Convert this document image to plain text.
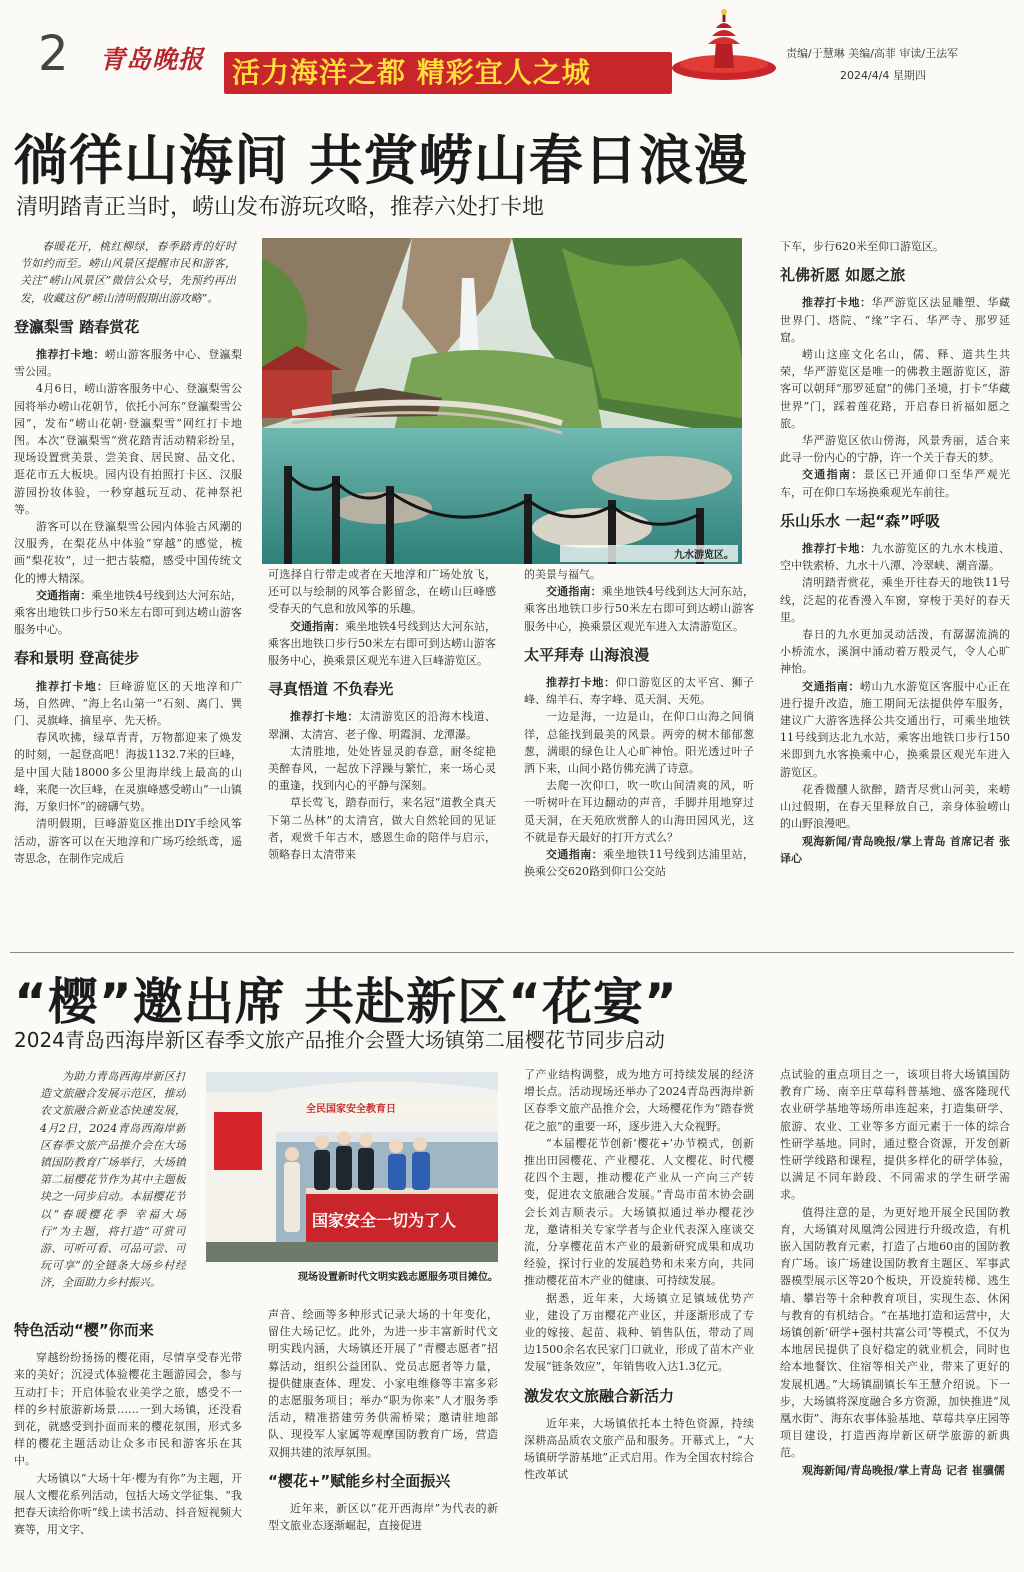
2 青岛晚报 活力海洋之都 精彩宜人之城
责编/于慧琳 美编/高菲 审读/王法军
2024/4/4 星期四
徜徉山海间 共赏崂山春日浪漫
清明踏青正当时，崂山发布游玩攻略，推荐六处打卡地

春暖花开，桃红柳绿，春季踏青的好时节如约而至。崂山风景区提醒市民和游客，关注“崂山风景区”微信公众号，先预约再出发，收藏这份“崂山清明假期出游攻略”。

登瀛梨雪 踏春赏花

推荐打卡地：崂山游客服务中心、登瀛梨雪公园。

4月6日，崂山游客服务中心、登瀛梨雪公园将举办崂山花朝节，依托小河东“登瀛梨雪公园”，发布“崂山花朝·登瀛梨雪”网红打卡地图。本次“登瀛梨雪”赏花踏青活动精彩纷呈，现场设置赏美景、尝美食、居民窗、品文化、逛花市五大板块。园内设有拍照打卡区、汉服游园扮妆体验，一秒穿越玩互动、花神祭祀等。

游客可以在登瀛梨雪公园内体验古风潮的汉服秀，在梨花丛中体验“穿越”的感觉，梳画“梨花妆”，过一把古装瘾，感受中国传统文化的博大精深。

交通指南：乘坐地铁4号线到达大河东站，乘客出地铁口步行50米左右即可到达崂山游客服务中心。

春和景明 登高徒步

推荐打卡地：巨峰游览区的天地淳和广场，自然碑、“海上名山第一”石刻、离门、巽门、灵旗峰、摘星亭、先天桥。

春风吹拂，绿草青青，万物都迎来了焕发的时刻，一起登高吧！海拔1132.7米的巨峰，是中国大陆18000多公里海岸线上最高的山峰，来爬一次巨峰，在灵旗峰感受崂山“一山镇海，万象归怀”的磅礴气势。

清明假期，巨峰游览区推出DIY手绘风筝活动，游客可以在天地淳和广场巧绘纸鸢，遥寄思念，在制作完成后

九水游览区。

可选择自行带走或者在天地淳和广场处放飞，还可以与绘制的风筝合影留念，在崂山巨峰感受春天的气息和放风筝的乐趣。

交通指南：乘坐地铁4号线到达大河东站，乘客出地铁口步行50米左右即可到达崂山游客服务中心，换乘景区观光车进入巨峰游览区。

寻真悟道 不负春光

推荐打卡地：太清游览区的沿海木栈道、翠澜、太清宫、老子像、明霞洞、龙潭瀑。

太清胜地，处处皆显灵韵春意，耐冬绽艳美醉春风，一起放下浮躁与繁忙，来一场心灵的重逢，找到内心的平静与深刻。

草长莺飞，踏春而行，来名冠“道教全真天下第二丛林”的太清宫，做大自然轮回的见证者，观赏千年古木，感恩生命的陪伴与启示，领略春日太清带来

的美景与福气。

交通指南：乘坐地铁4号线到达大河东站，乘客出地铁口步行50米左右即可到达崂山游客服务中心，换乘景区观光车进入太清游览区。

太平拜寿 山海浪漫

推荐打卡地：仰口游览区的太平宫、狮子峰、绵羊石、寿字峰、觅天洞、天苑。

一边是海，一边是山，在仰口山海之间徜徉，总能找到最美的风景。两旁的树木郁郁葱葱，满眼的绿色让人心旷神怡。阳光透过叶子洒下来，山间小路仿佛充满了诗意。

去爬一次仰口，吹一吹山间清爽的风，听一听树叶在耳边翻动的声音，手脚并用地穿过觅天洞，在天苑欣赏醉人的山海田园风光，这不就是春天最好的打开方式么？

交通指南：乘坐地铁11号线到达浦里站，换乘公交620路到仰口公交站

下车，步行620米至仰口游览区。

礼佛祈愿 如愿之旅

推荐打卡地：华严游览区法显雕塑、华藏世界门、塔院、“缘”字石、华严寺、那罗延窟。

崂山这座文化名山，儒、释、道共生共荣，华严游览区是唯一的佛教主题游览区，游客可以朝拜“那罗延窟”的佛门圣境，打卡“华藏世界”门，踩着莲花路，开启春日祈福如愿之旅。

华严游览区依山傍海，风景秀丽，适合来此寻一份内心的宁静，许一个关于春天的梦。

交通指南：景区已开通仰口至华严观光车，可在仰口车场换乘观光车前往。

乐山乐水 一起“森”呼吸

推荐打卡地：九水游览区的九水木栈道、空中铁索桥、九水十八潭、冷翠峡、潮音瀑。

清明踏青赏花，乘坐开往春天的地铁11号线，泛起的花香漫入车窗，穿梭于美好的春天里。

春日的九水更加灵动活泼，有潺潺流淌的小桥流水，溪涧中涌动着万般灵气，令人心旷神怡。

交通指南：崂山九水游览区客服中心正在进行提升改造，施工期间无法提供停车服务，建议广大游客选择公共交通出行，可乘坐地铁11号线到达北九水站，乘客出地铁口步行150米即到九水客换乘中心，换乘景区观光车进入游览区。

花香微醺人欲醉，踏青尽赏山河美，来崂山过假期，在春天里释放自己，亲身体验崂山的山野浪漫吧。

观海新闻/青岛晚报/掌上青岛 首席记者 张译心

“樱”邀出席 共赴新区“花宴”
2024青岛西海岸新区春季文旅产品推介会暨大场镇第二届樱花节同步启动

为助力青岛西海岸新区打造文旅融合发展示范区，推动农文旅融合新业态快速发展，4月2日，2024青岛西海岸新区春季文旅产品推介会在大场镇国防教育广场举行，大场镇第二届樱花节作为其中主题板块之一同步启动。本届樱花节以“春暖樱花季 幸福大场行”为主题，将打造“可赏可游、可听可看、可品可尝、可玩可享”的全链条大场乡村经济，全面助力乡村振兴。

全民国家安全教育日
国家安全一切为了人
现场设置新时代文明实践志愿服务项目摊位。
特色活动“樱”你而来

穿越纷纷扬扬的樱花雨，尽情享受春光带来的美好；沉浸式体验樱花主题游园会，参与互动打卡；开启体验农业美学之旅，感受不一样的乡村旅游新场景……一到大场镇，还没看到花，就感受到扑面而来的樱花氛围，形式多样的樱花主题活动让众多市民和游客乐在其中。

大场镇以“大场十年·樱为有你”为主题，开展人文樱花系列活动，包括大场文学征集、“我把春天读给你听”线上读书活动、抖音短视频大赛等，用文字、

声音、绘画等多种形式记录大场的十年变化，留住大场记忆。此外，为进一步丰富新时代文明实践内涵，大场镇还开展了“青樱志愿者”招募活动，组织公益团队、党员志愿者等力量，提供健康查体、理发、小家电维修等丰富多彩的志愿服务项目；举办“职为你来”人才服务季活动，精准搭建劳务供需桥梁；邀请驻地部队、现役军人家属等观摩国防教育广场，营造双拥共建的浓厚氛围。

“樱花+”赋能乡村全面振兴

近年来，新区以“花开西海岸”为代表的新型文旅业态逐渐崛起，直接促进

了产业结构调整，成为地方可持续发展的经济增长点。活动现场还举办了2024青岛西海岸新区春季文旅产品推介会，大场樱花作为“踏春赏花之旅”的重要一环，逐步进入大众视野。

“本届樱花节创新‘樱花+’办节模式，创新推出田园樱花、产业樱花、人文樱花、时代樱花四个主题，推动樱花产业从一产向三产转变，促进农文旅融合发展。”青岛市苗木协会副会长刘吉顺表示。大场镇拟通过举办樱花沙龙，邀请相关专家学者与企业代表深入座谈交流，分享樱花苗木产业的最新研究成果和成功经验，探讨行业的发展趋势和未来方向，共同推动樱花苗木产业的健康、可持续发展。

据悉，近年来，大场镇立足镇域优势产业，建设了万亩樱花产业区，并逐渐形成了专业的嫁接、起苗、栽种、销售队伍，带动了周边1500余名农民家门口就业，形成了苗木产业发展“链条效应”，年销售收入达1.3亿元。

激发农文旅融合新活力

近年来，大场镇依托本土特色资源，持续深耕高品质农文旅产品和服务。开幕式上，“大场镇研学游基地”正式启用。作为全国农村综合性改革试

点试验的重点项目之一，该项目将大场镇国防教育广场、南辛庄草莓科普基地、盛客隆现代农业研学基地等场所串连起来，打造集研学、旅游、农业、工业等多方面元素于一体的综合性研学基地。同时，通过整合资源，开发创新性研学线路和课程，提供多样化的研学体验，以满足不同年龄段、不同需求的学生研学需求。

值得注意的是，为更好地开展全民国防教育，大场镇对凤凰湾公园进行升级改造，有机嵌入国防教育元素，打造了占地60亩的国防教育广场。该广场建设国防教育主题区、军事武器模型展示区等20个板块，开设旋转梯、逃生墙、攀岩等十余种教育项目，实现生态、休闲与教育的有机结合。“在基地打造和运营中，大场镇创新‘研学+强村共富公司’等模式，不仅为本地居民提供了良好稳定的就业机会，同时也给本地餐饮、住宿等相关产业，带来了更好的发展机遇。”大场镇副镇长车王慧介绍说。下一步，大场镇将深度融合多方资源，加快推进“凤凰水街”、海东农事体验基地、草莓共享庄园等项目建设，打造西海岸新区研学旅游的新典范。

观海新闻/青岛晚报/掌上青岛 记者 崔骥儒
